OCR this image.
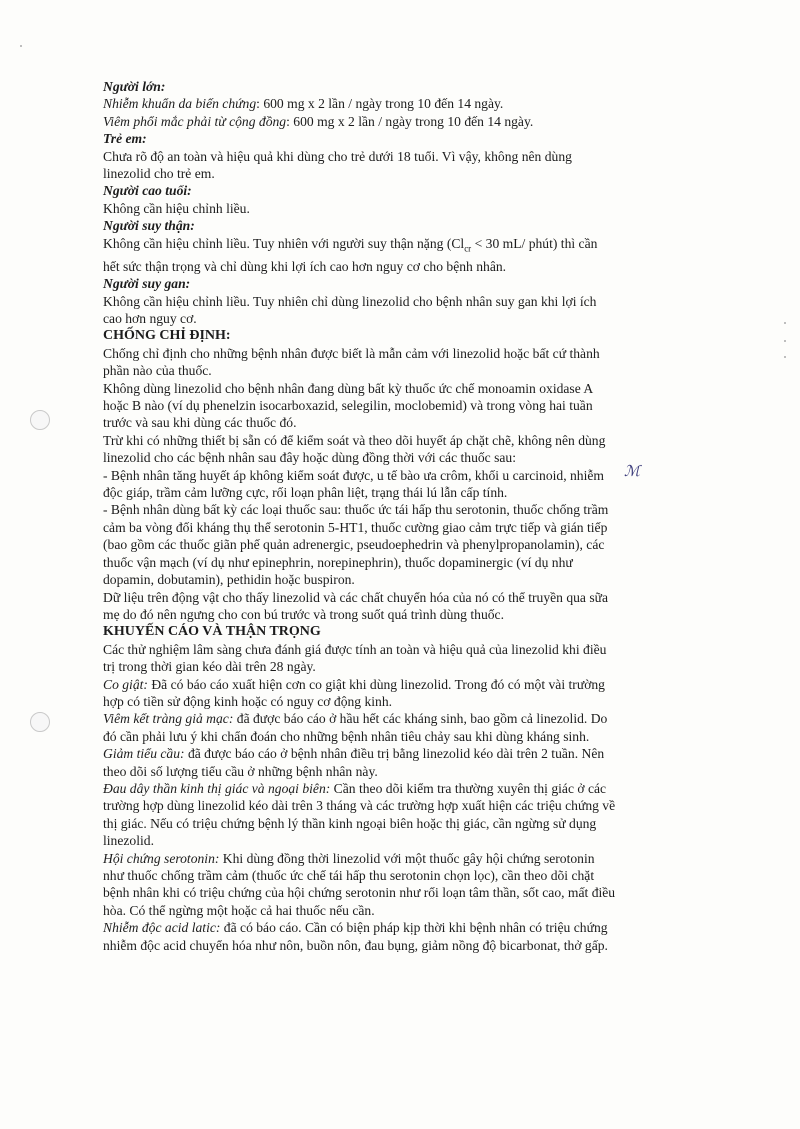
ℳ
Người lớn:
Nhiễm khuẩn da biến chứng: 600 mg x 2 lần / ngày trong 10 đến 14 ngày.
Viêm phổi mắc phải từ cộng đồng: 600 mg x 2 lần / ngày trong 10 đến 14 ngày.
Trẻ em:
Chưa rõ độ an toàn và hiệu quả khi dùng cho trẻ dưới 18 tuổi. Vì vậy, không nên dùng
linezolid cho trẻ em.
Người cao tuổi:
Không cần hiệu chỉnh liều.
Người suy thận:
Không cần hiệu chỉnh liều. Tuy nhiên với người suy thận nặng ($Cl_{cr} < 30$ mL/ phút) thì cần
hết sức thận trọng và chỉ dùng khi lợi ích cao hơn nguy cơ cho bệnh nhân.
Người suy gan:
Không cần hiệu chỉnh liều. Tuy nhiên chỉ dùng linezolid cho bệnh nhân suy gan khi lợi ích
cao hơn nguy cơ.
CHỐNG CHỈ ĐỊNH:
Chống chỉ định cho những bệnh nhân được biết là mẫn cảm với linezolid hoặc bất cứ thành
phần nào của thuốc.
Không dùng linezolid cho bệnh nhân đang dùng bất kỳ thuốc ức chế monoamin oxidase A
hoặc B nào (ví dụ phenelzin isocarboxazid, selegilin, moclobemid) và trong vòng hai tuần
trước và sau khi dùng các thuốc đó.
Trừ khi có những thiết bị sẵn có để kiểm soát và theo dõi huyết áp chặt chẽ, không nên dùng
linezolid cho các bệnh nhân sau đây hoặc dùng đồng thời với các thuốc sau:
- Bệnh nhân tăng huyết áp không kiểm soát được, u tế bào ưa crôm, khối u carcinoid, nhiễm
độc giáp, trầm cảm lưỡng cực, rối loạn phân liệt, trạng thái lú lẫn cấp tính.
- Bệnh nhân dùng bất kỳ các loại thuốc sau: thuốc ức tái hấp thu serotonin, thuốc chống trầm
cảm ba vòng đối kháng thụ thể serotonin 5-HT1, thuốc cường giao cảm trực tiếp và gián tiếp
(bao gồm các thuốc giãn phế quản adrenergic, pseudoephedrin và phenylpropanolamin), các
thuốc vận mạch (ví dụ như epinephrin, norepinephrin), thuốc dopaminergic (ví dụ như
dopamin, dobutamin), pethidin hoặc buspiron.
Dữ liệu trên động vật cho thấy linezolid và các chất chuyển hóa của nó có thể truyền qua sữa
mẹ do đó nên ngưng cho con bú trước và trong suốt quá trình dùng thuốc.
KHUYẾN CÁO VÀ THẬN TRỌNG
Các thử nghiệm lâm sàng chưa đánh giá được tính an toàn và hiệu quả của linezolid khi điều
trị trong thời gian kéo dài trên 28 ngày.
Co giật: Đã có báo cáo xuất hiện cơn co giật khi dùng linezolid. Trong đó có một vài trường
hợp có tiền sử động kinh hoặc có nguy cơ động kinh.
Viêm kết tràng giả mạc: đã được báo cáo ở hầu hết các kháng sinh, bao gồm cả linezolid. Do
đó cần phải lưu ý khi chẩn đoán cho những bệnh nhân tiêu chảy sau khi dùng kháng sinh.
Giảm tiểu cầu: đã được báo cáo ở bệnh nhân điều trị bằng linezolid kéo dài trên 2 tuần. Nên
theo dõi số lượng tiểu cầu ở những bệnh nhân này.
Đau dây thần kinh thị giác và ngoại biên: Cần theo dõi kiểm tra thường xuyên thị giác ở các
trường hợp dùng linezolid kéo dài trên 3 tháng và các trường hợp xuất hiện các triệu chứng về
thị giác. Nếu có triệu chứng bệnh lý thần kinh ngoại biên hoặc thị giác, cần ngừng sử dụng
linezolid.
Hội chứng serotonin: Khi dùng đồng thời linezolid với một thuốc gây hội chứng serotonin
như thuốc chống trầm cảm (thuốc ức chế tái hấp thu serotonin chọn lọc), cần theo dõi chặt
bệnh nhân khi có triệu chứng của hội chứng serotonin như rối loạn tâm thần, sốt cao, mất điều
hòa. Có thể ngừng một hoặc cả hai thuốc nếu cần.
Nhiễm độc acid latic: đã có báo cáo. Cần có biện pháp kịp thời khi bệnh nhân có triệu chứng
nhiễm độc acid chuyển hóa như nôn, buồn nôn, đau bụng, giảm nồng độ bicarbonat, thở gấp.
